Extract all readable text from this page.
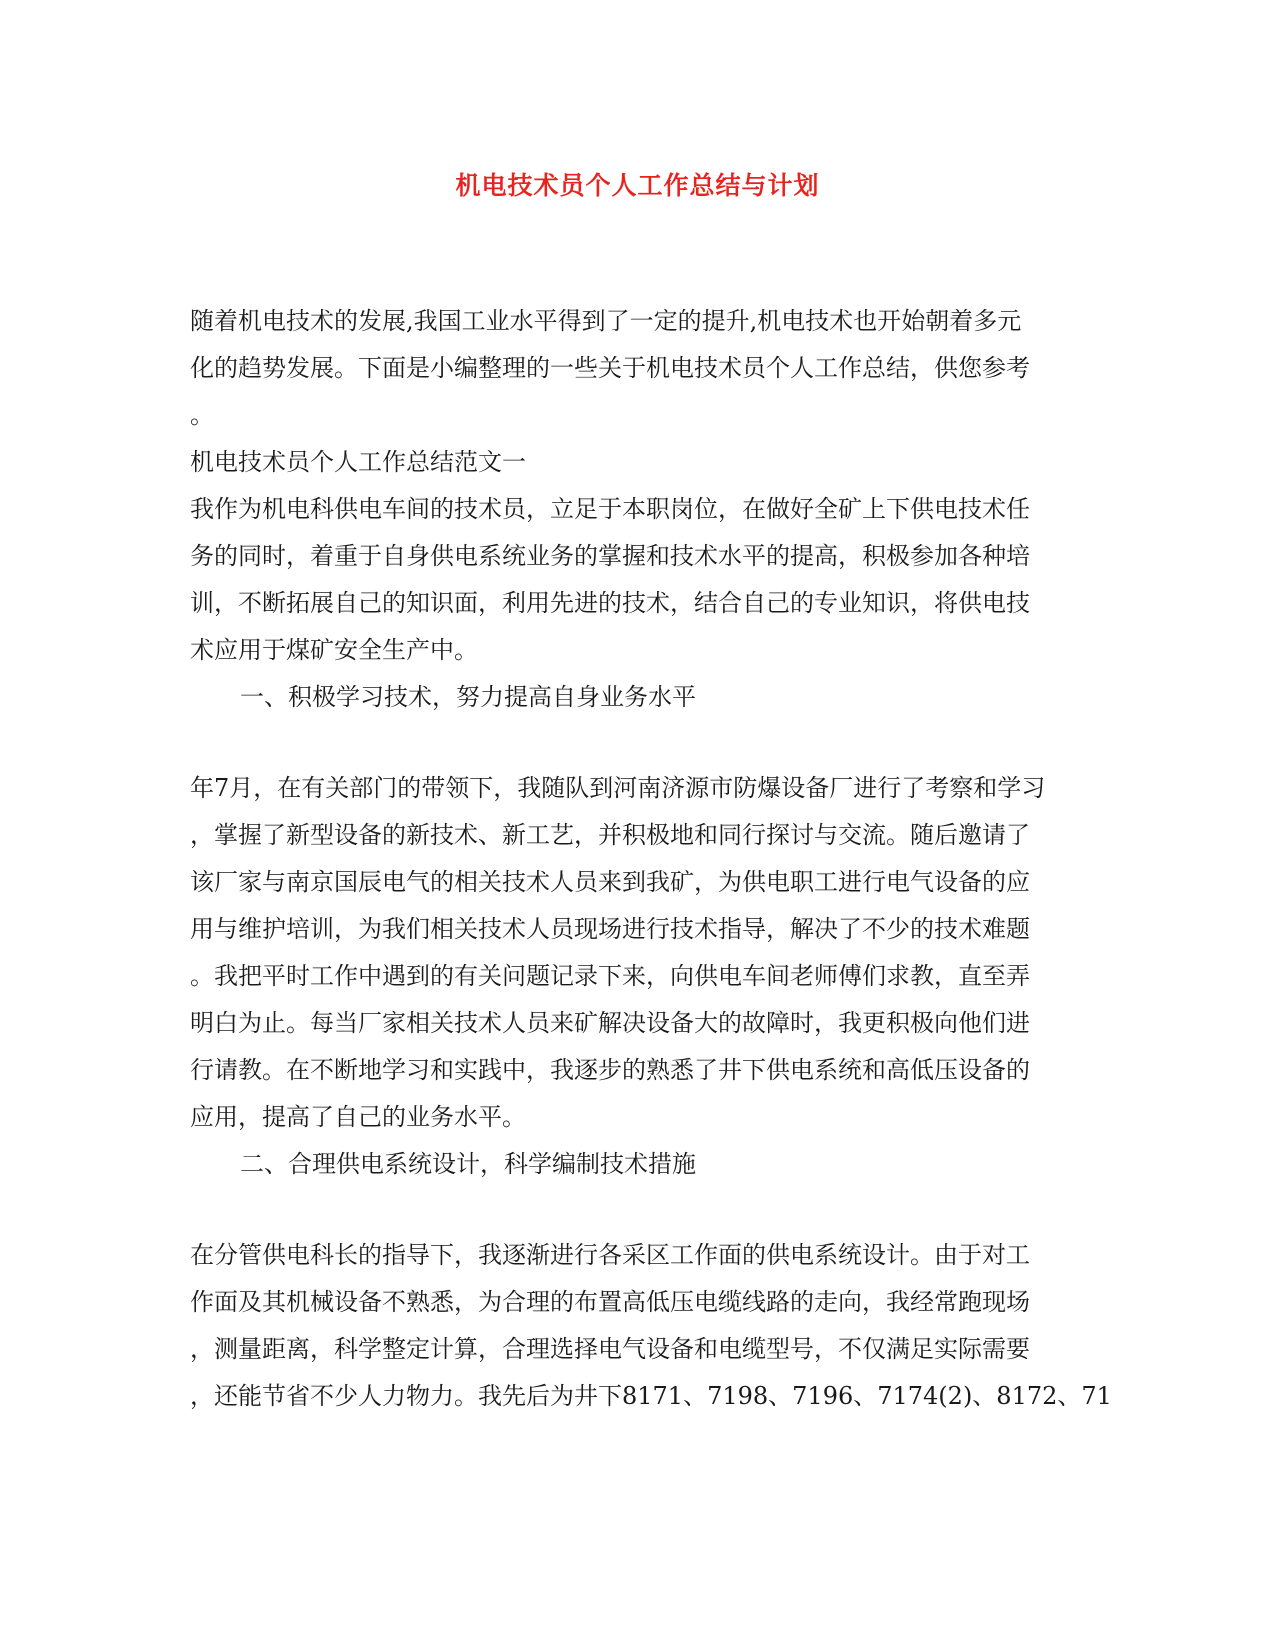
机电技术员个人工作总结与计划
随着机电技术的发展,我国工业水平得到了一定的提升,机电技术也开始朝着多元
化的趋势发展。下面是小编整理的一些关于机电技术员个人工作总结，供您参考
。
机电技术员个人工作总结范文一
我作为机电科供电车间的技术员，立足于本职岗位，在做好全矿上下供电技术任
务的同时，着重于自身供电系统业务的掌握和技术水平的提高，积极参加各种培
训，不断拓展自己的知识面，利用先进的技术，结合自己的专业知识，将供电技
术应用于煤矿安全生产中。
一、积极学习技术，努力提高自身业务水平
年7月，在有关部门的带领下，我随队到河南济源市防爆设备厂进行了考察和学习
，掌握了新型设备的新技术、新工艺，并积极地和同行探讨与交流。随后邀请了
该厂家与南京国辰电气的相关技术人员来到我矿，为供电职工进行电气设备的应
用与维护培训，为我们相关技术人员现场进行技术指导，解决了不少的技术难题
。我把平时工作中遇到的有关问题记录下来，向供电车间老师傅们求教，直至弄
明白为止。每当厂家相关技术人员来矿解决设备大的故障时，我更积极向他们进
行请教。在不断地学习和实践中，我逐步的熟悉了井下供电系统和高低压设备的
应用，提高了自己的业务水平。
二、合理供电系统设计，科学编制技术措施
在分管供电科长的指导下，我逐渐进行各采区工作面的供电系统设计。由于对工
作面及其机械设备不熟悉，为合理的布置高低压电缆线路的走向，我经常跑现场
，测量距离，科学整定计算，合理选择电气设备和电缆型号，不仅满足实际需要
，还能节省不少人力物力。我先后为井下8171、7198、7196、7174(2)、8172、71
